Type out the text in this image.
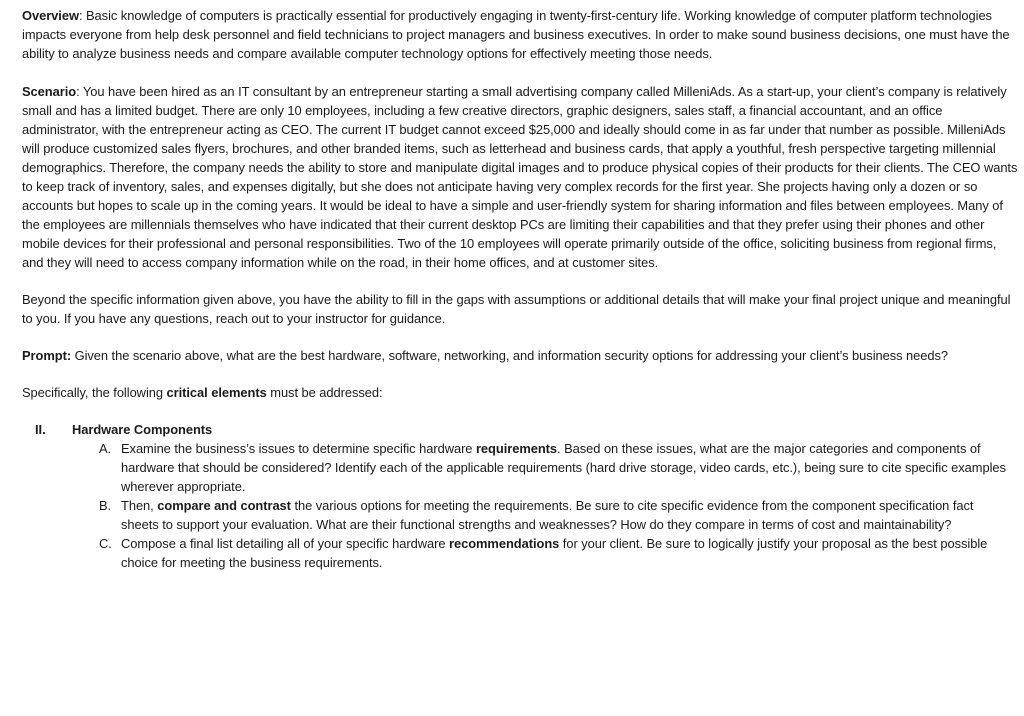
Overview: Basic knowledge of computers is practically essential for productively engaging in twenty-first-century life. Working knowledge of computer platform technologies impacts everyone from help desk personnel and field technicians to project managers and business executives. In order to make sound business decisions, one must have the ability to analyze business needs and compare available computer technology options for effectively meeting those needs.

Scenario: You have been hired as an IT consultant by an entrepreneur starting a small advertising company called MilleniAds. As a start-up, your client’s company is relatively small and has a limited budget. There are only 10 employees, including a few creative directors, graphic designers, sales staff, a financial accountant, and an office administrator, with the entrepreneur acting as CEO. The current IT budget cannot exceed $25,000 and ideally should come in as far under that number as possible. MilleniAds will produce customized sales flyers, brochures, and other branded items, such as letterhead and business cards, that apply a youthful, fresh perspective targeting millennial demographics. Therefore, the company needs the ability to store and manipulate digital images and to produce physical copies of their products for their clients. The CEO wants to keep track of inventory, sales, and expenses digitally, but she does not anticipate having very complex records for the first year. She projects having only a dozen or so accounts but hopes to scale up in the coming years. It would be ideal to have a simple and user-friendly system for sharing information and files between employees. Many of the employees are millennials themselves who have indicated that their current desktop PCs are limiting their capabilities and that they prefer using their phones and other mobile devices for their professional and personal responsibilities. Two of the 10 employees will operate primarily outside of the office, soliciting business from regional firms, and they will need to access company information while on the road, in their home offices, and at customer sites.

Beyond the specific information given above, you have the ability to fill in the gaps with assumptions or additional details that will make your final project unique and meaningful to you. If you have any questions, reach out to your instructor for guidance.

Prompt: Given the scenario above, what are the best hardware, software, networking, and information security options for addressing your client’s business needs?

Specifically, the following critical elements must be addressed:

II.	Hardware Components
A. Examine the business’s issues to determine specific hardware requirements. Based on these issues, what are the major categories and components of hardware that should be considered? Identify each of the applicable requirements (hard drive storage, video cards, etc.), being sure to cite specific examples wherever appropriate.
B. Then, compare and contrast the various options for meeting the requirements. Be sure to cite specific evidence from the component specification fact sheets to support your evaluation. What are their functional strengths and weaknesses? How do they compare in terms of cost and maintainability?
C. Compose a final list detailing all of your specific hardware recommendations for your client. Be sure to logically justify your proposal as the best possible choice for meeting the business requirements.
